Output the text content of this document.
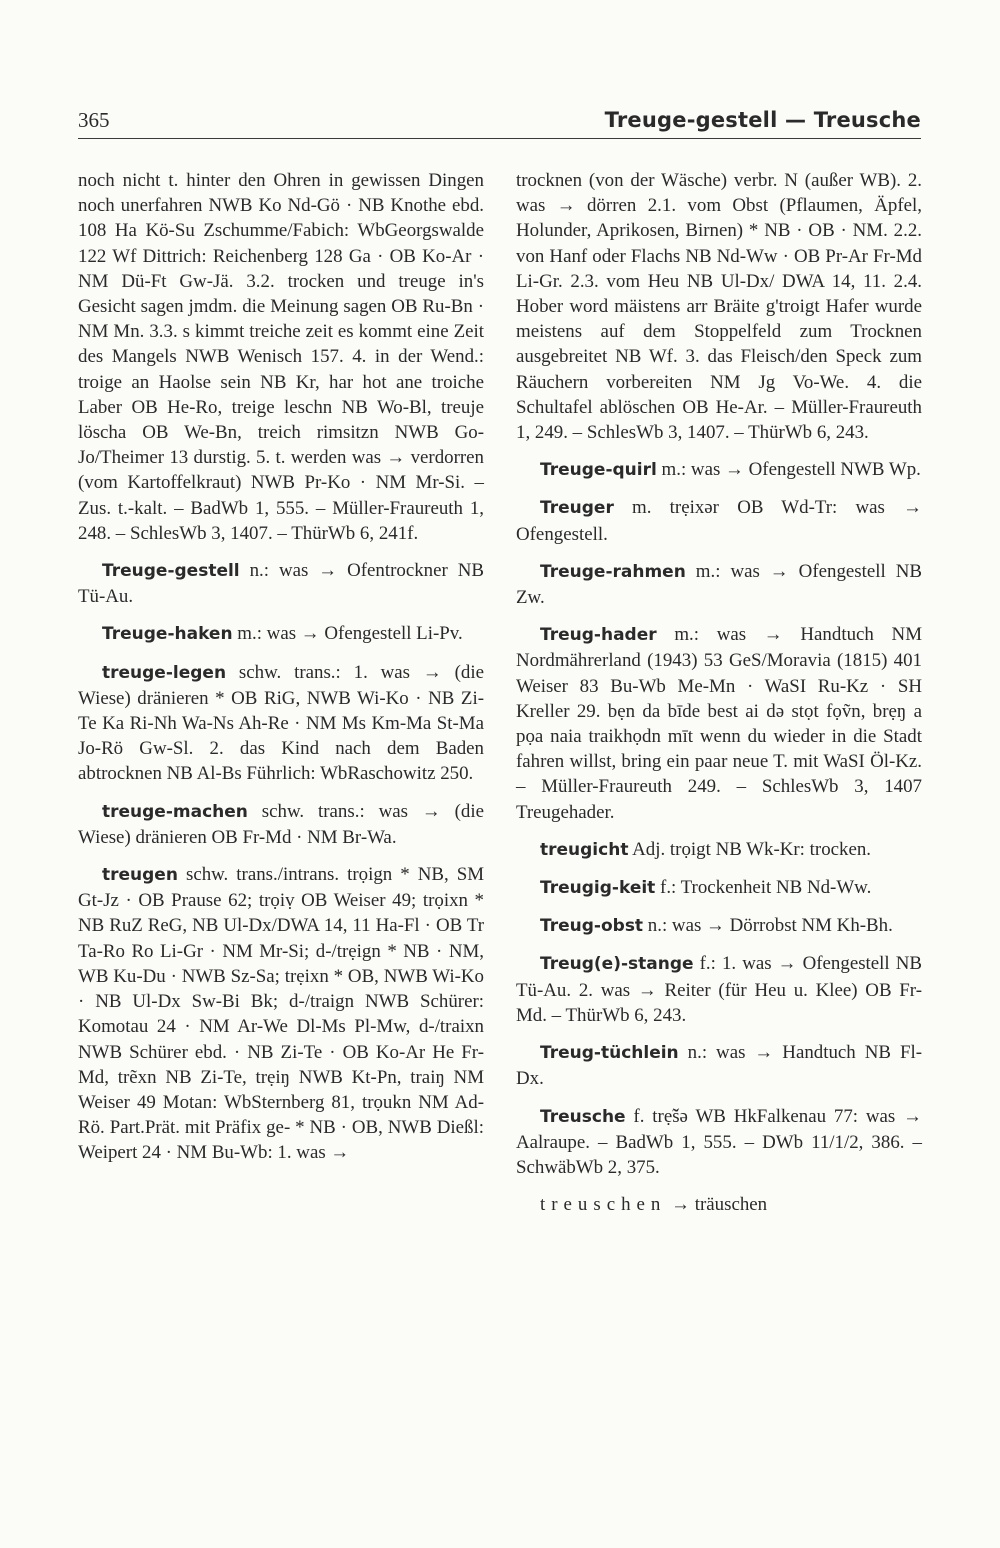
365	Treuge-gestell — Treusche

noch nicht t. hinter den Ohren in gewissen Dingen noch unerfahren NWB Ko Nd-Gö · NB Knothe ebd. 108 Ha Kö-Su Zschumme/Fabich: WbGeorgswalde 122 Wf Dittrich: Reichenberg 128 Ga · OB Ko-Ar · NM Dü-Ft Gw-Jä. 3.2. trocken und treuge in's Gesicht sagen jmdm. die Meinung sagen OB Ru-Bn · NM Mn. 3.3. s kimmt treiche zeit es kommt eine Zeit des Mangels NWB Wenisch 157. 4. in der Wend.: troige an Haolse sein NB Kr, har hot ane troiche Laber OB He-Ro, treige leschn NB Wo-Bl, treuje löscha OB We-Bn, treich rimsitzn NWB Go-Jo/Theimer 13 durstig. 5. t. werden was → verdorren (vom Kartoffelkraut) NWB Pr-Ko · NM Mr-Si. – Zus. t.-kalt. – BadWb 1, 555. – Müller-Fraureuth 1, 248. – SchlesWb 3, 1407. – ThürWb 6, 241f.

Treuge-gestell n.: was → Ofentrockner NB Tü-Au.

Treuge-haken m.: was → Ofengestell Li-Pv.

treuge-legen schw. trans.: 1. was → (die Wiese) dränieren * OB RiG, NWB Wi-Ko · NB Zi-Te Ka Ri-Nh Wa-Ns Ah-Re · NM Ms Km-Ma St-Ma Jo-Rö Gw-Sl. 2. das Kind nach dem Baden abtrocknen NB Al-Bs Führlich: WbRaschowitz 250.

treuge-machen schw. trans.: was → (die Wiese) dränieren OB Fr-Md · NM Br-Wa.

treugen schw. trans./intrans. trọign * NB, SM Gt-Jz · OB Prause 62; trọiṿ OB Weiser 49; trọixn * NB RuZ ReG, NB Ul-Dx/DWA 14, 11 Ha-Fl · OB Tr Ta-Ro Ro Li-Gr · NM Mr-Si; d-/trẹign * NB · NM, WB Ku-Du · NWB Sz-Sa; trẹixn * OB, NWB Wi-Ko · NB Ul-Dx Sw-Bi Bk; d-/traign NWB Schürer: Komotau 24 · NM Ar-We Dl-Ms Pl-Mw, d-/traixn NWB Schürer ebd. · NB Zi-Te · OB Ko-Ar He Fr-Md, trẽxn NB Zi-Te, trẹiŋ NWB Kt-Pn, traiŋ NM Weiser 49 Motan: WbSternberg 81, trọukn NM Ad-Rö. Part.Prät. mit Präfix ge- * NB · OB, NWB Dießl: Weipert 24 · NM Bu-Wb: 1. was →

trocknen (von der Wäsche) verbr. N (außer WB). 2. was → dörren 2.1. vom Obst (Pflaumen, Äpfel, Holunder, Aprikosen, Birnen) * NB · OB · NM. 2.2. von Hanf oder Flachs NB Nd-Ww · OB Pr-Ar Fr-Md Li-Gr. 2.3. vom Heu NB Ul-Dx/ DWA 14, 11. 2.4. Hober word mäistens arr Bräite g'troigt Hafer wurde meistens auf dem Stoppelfeld zum Trocknen ausgebreitet NB Wf. 3. das Fleisch/den Speck zum Räuchern vorbereiten NM Jg Vo-We. 4. die Schultafel ablöschen OB He-Ar. – Müller-Fraureuth 1, 249. – SchlesWb 3, 1407. – ThürWb 6, 243.

Treuge-quirl m.: was → Ofengestell NWB Wp.

Treuger m. trẹixər OB Wd-Tr: was → Ofengestell.

Treuge-rahmen m.: was → Ofengestell NB Zw.

Treug-hader m.: was → Handtuch NM Nordmährerland (1943) 53 GeS/Moravia (1815) 401 Weiser 83 Bu-Wb Me-Mn · WaSI Ru-Kz · SH Kreller 29. bẹn da bīde best ai də stọt fọṽn, brẹŋ a pọa naia traikhọdn mīt wenn du wieder in die Stadt fahren willst, bring ein paar neue T. mit WaSI Öl-Kz. – Müller-Fraureuth 249. – SchlesWb 3, 1407 Treugehader.

treugicht Adj. trọigt NB Wk-Kr: trocken.

Treugig-keit f.: Trockenheit NB Nd-Ww.

Treug-obst n.: was → Dörrobst NM Kh-Bh.

Treug(e)-stange f.: 1. was → Ofengestell NB Tü-Au. 2. was → Reiter (für Heu u. Klee) OB Fr-Md. – ThürWb 6, 243.

Treug-tüchlein n.: was → Handtuch NB Fl-Dx.

Treusche f. trẹ̃šə WB HkFalkenau 77: was → Aalraupe. – BadWb 1, 555. – DWb 11/1/2, 386. – SchwäbWb 2, 375.

treuschen → träuschen
